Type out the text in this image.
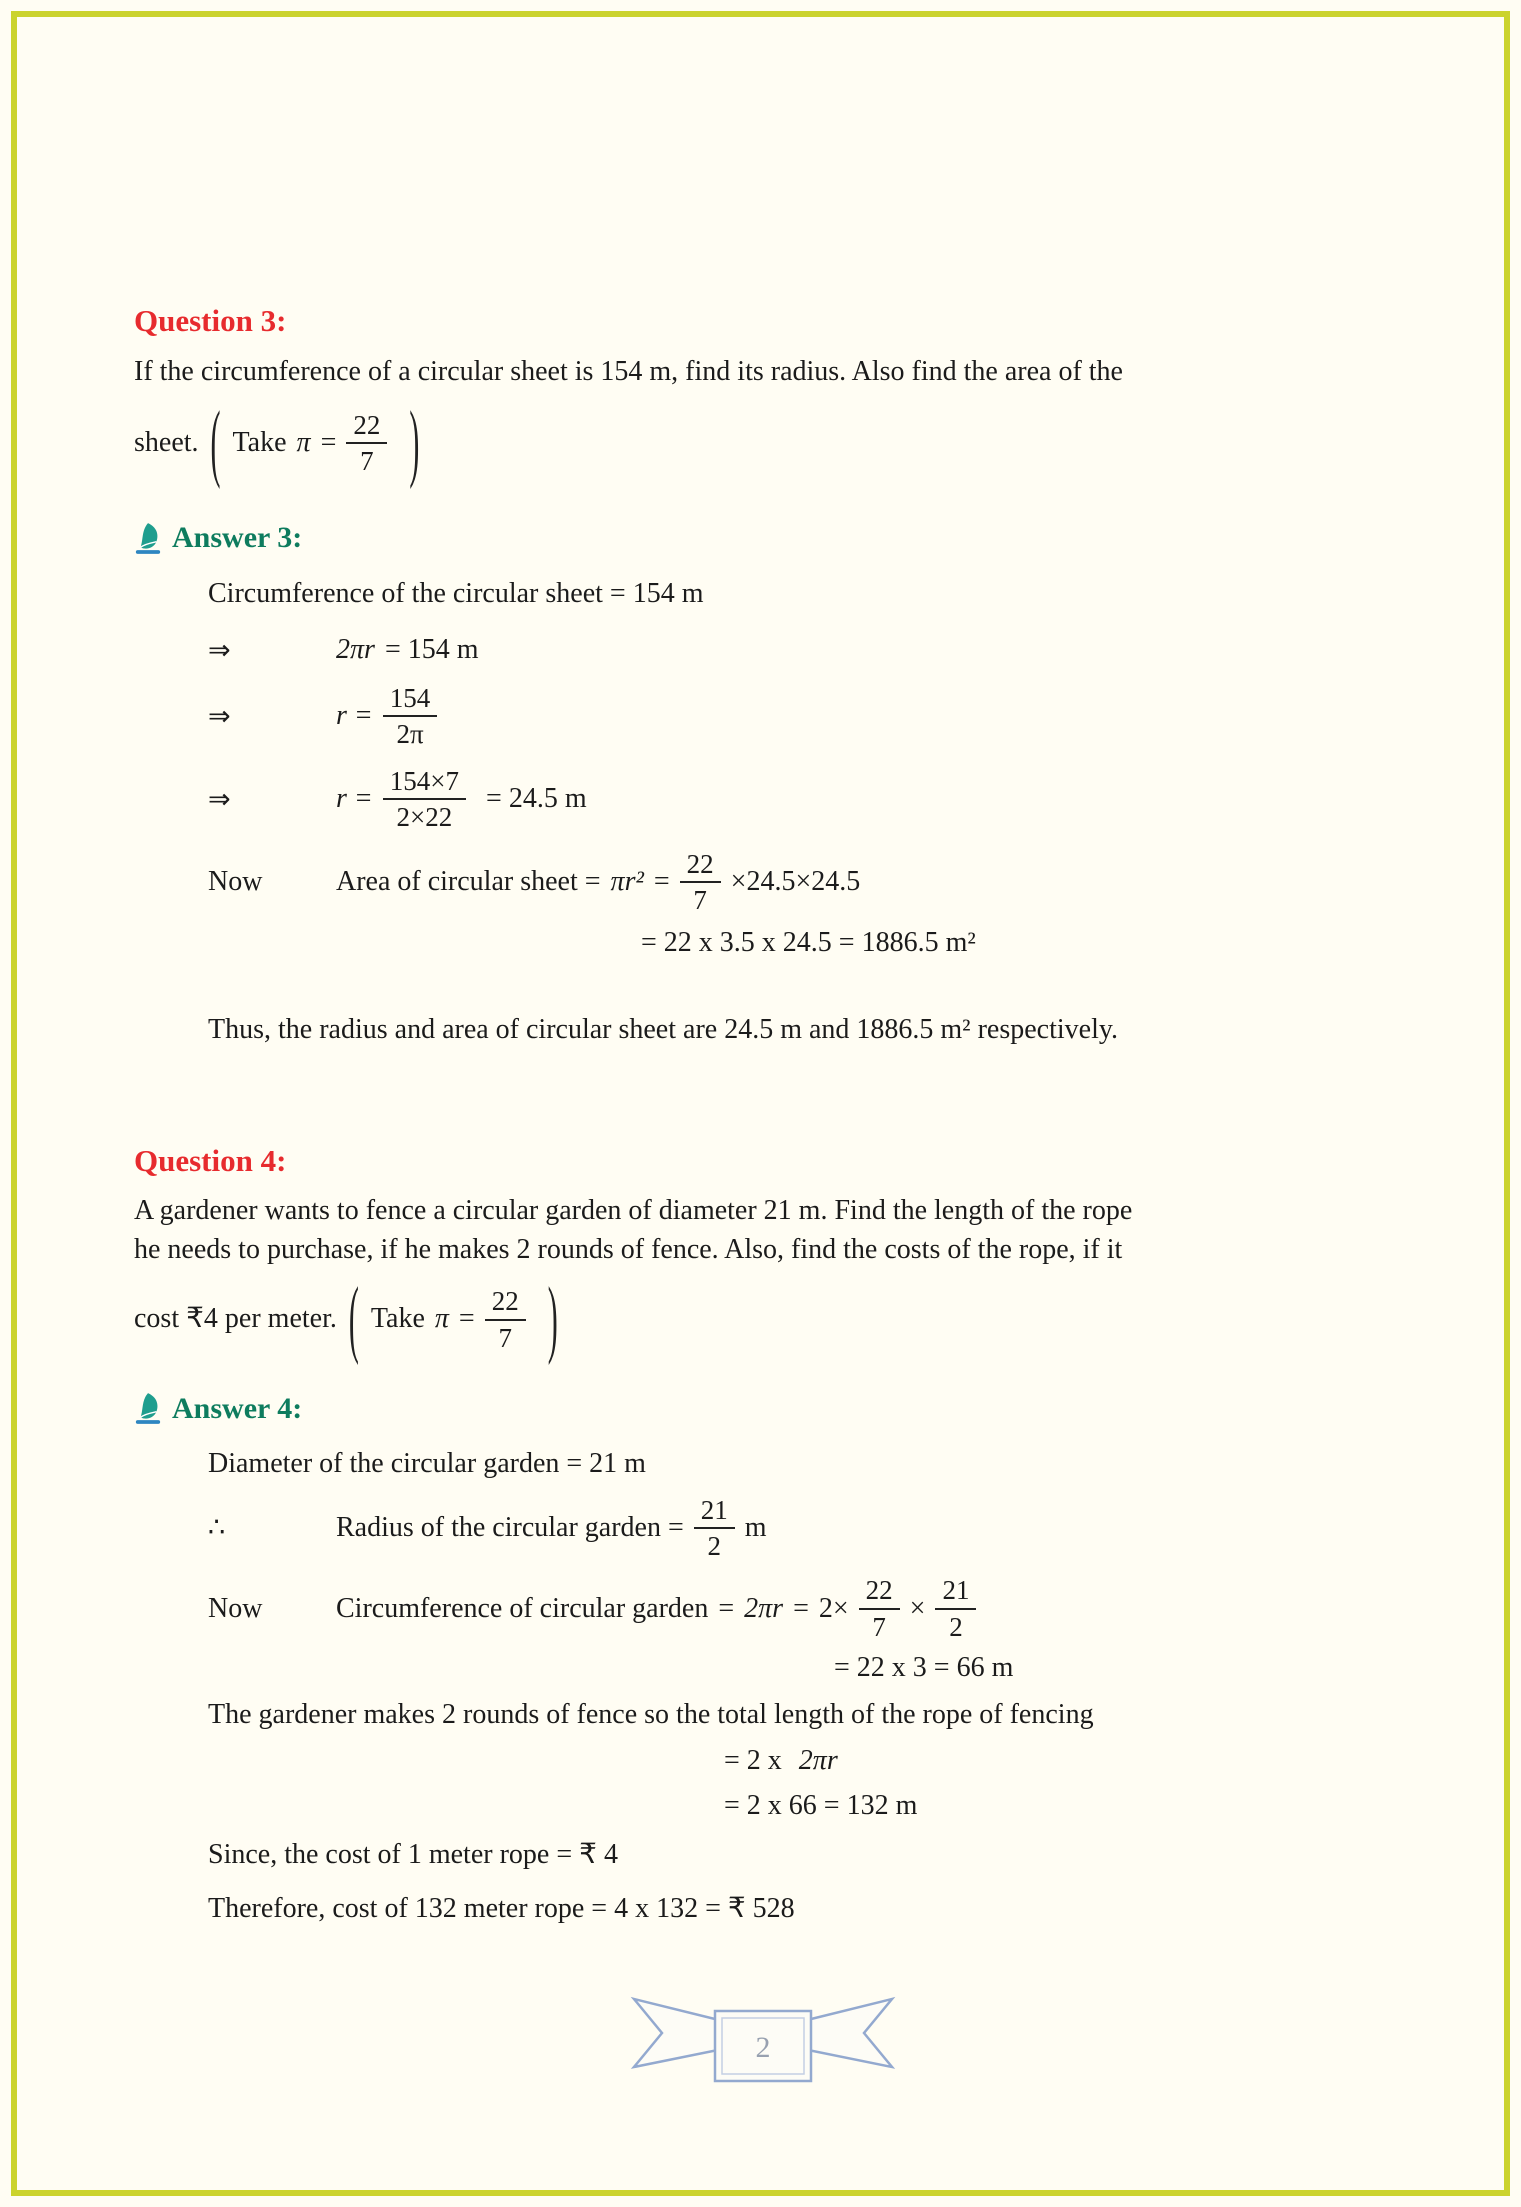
Question 3:

If the circumference of a circular sheet is 154 m, find its radius. Also find the area of the

sheet. ( Take $\pi = \frac{22}{7}$ )
Answer 3:
Circumference of the circular sheet = 154 m
⇒	2πr = 154 m
⇒	$r = \frac{154}{2\pi}$
⇒	$r = \frac{154\times 7}{2\times 22} = 24.5$ m
Now	Area of circular sheet = $\pi r^2 = \frac{22}{7} \times 24.5\times 24.5$
= 22 x 3.5 x 24.5 = 1886.5 m²
Thus, the radius and area of circular sheet are 24.5 m and 1886.5 m² respectively.
Question 4:

A gardener wants to fence a circular garden of diameter 21 m. Find the length of the rope
he needs to purchase, if he makes 2 rounds of fence. Also, find the costs of the rope, if it

cost ₹4 per meter. ( Take $\pi = \frac{22}{7}$ )
Answer 4:
Diameter of the circular garden = 21 m
∴	Radius of the circular garden = $\frac{21}{2}$ m
Now	Circumference of circular garden = $2\pi r = 2\times \frac{22}{7} \times \frac{21}{2}$
= 22 x 3 = 66 m
The gardener makes 2 rounds of fence so the total length of the rope of fencing
= 2 x 2πr
= 2 x 66 = 132 m
Since, the cost of 1 meter rope = ₹ 4
Therefore, cost of 132 meter rope = 4 x 132 = ₹ 528
2
